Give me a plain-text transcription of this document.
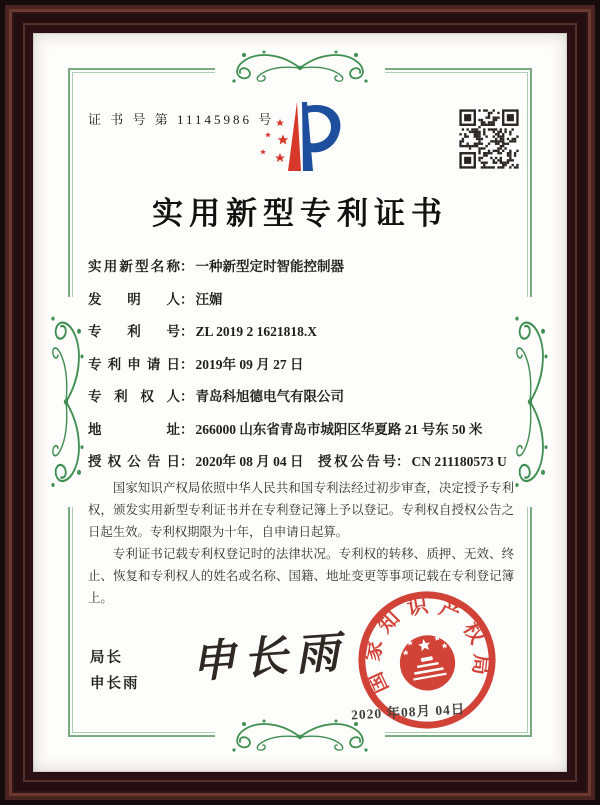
证 书 号 第 11145986 号
实用新型专利证书
实用新型名称： 一种新型定时智能控制器
发明人： 汪媚
专利号： ZL 2019 2 1621818.X
专利申请日： 2019年 09 月 27 日
专利权人： 青岛科旭德电气有限公司
地址： 266000 山东省青岛市城阳区华夏路 21 号东 50 米
授权公告日： 2020年 08 月 04 日 授权公告号： CN 211180573 U

国家知识产权局依照中华人民共和国专利法经过初步审查，决定授予专利权，颁发实用新型专利证书并在专利登记簿上予以登记。专利权自授权公告之日起生效。专利权期限为十年，自申请日起算。

专利证书记载专利权登记时的法律状况。专利权的转移、质押、无效、终止、恢复和专利权人的姓名或名称、国籍、地址变更等事项记载在专利登记簿上。

局长
申长雨	申长雨 国
家
知 识 产
权
局
2020 年08月 04日
